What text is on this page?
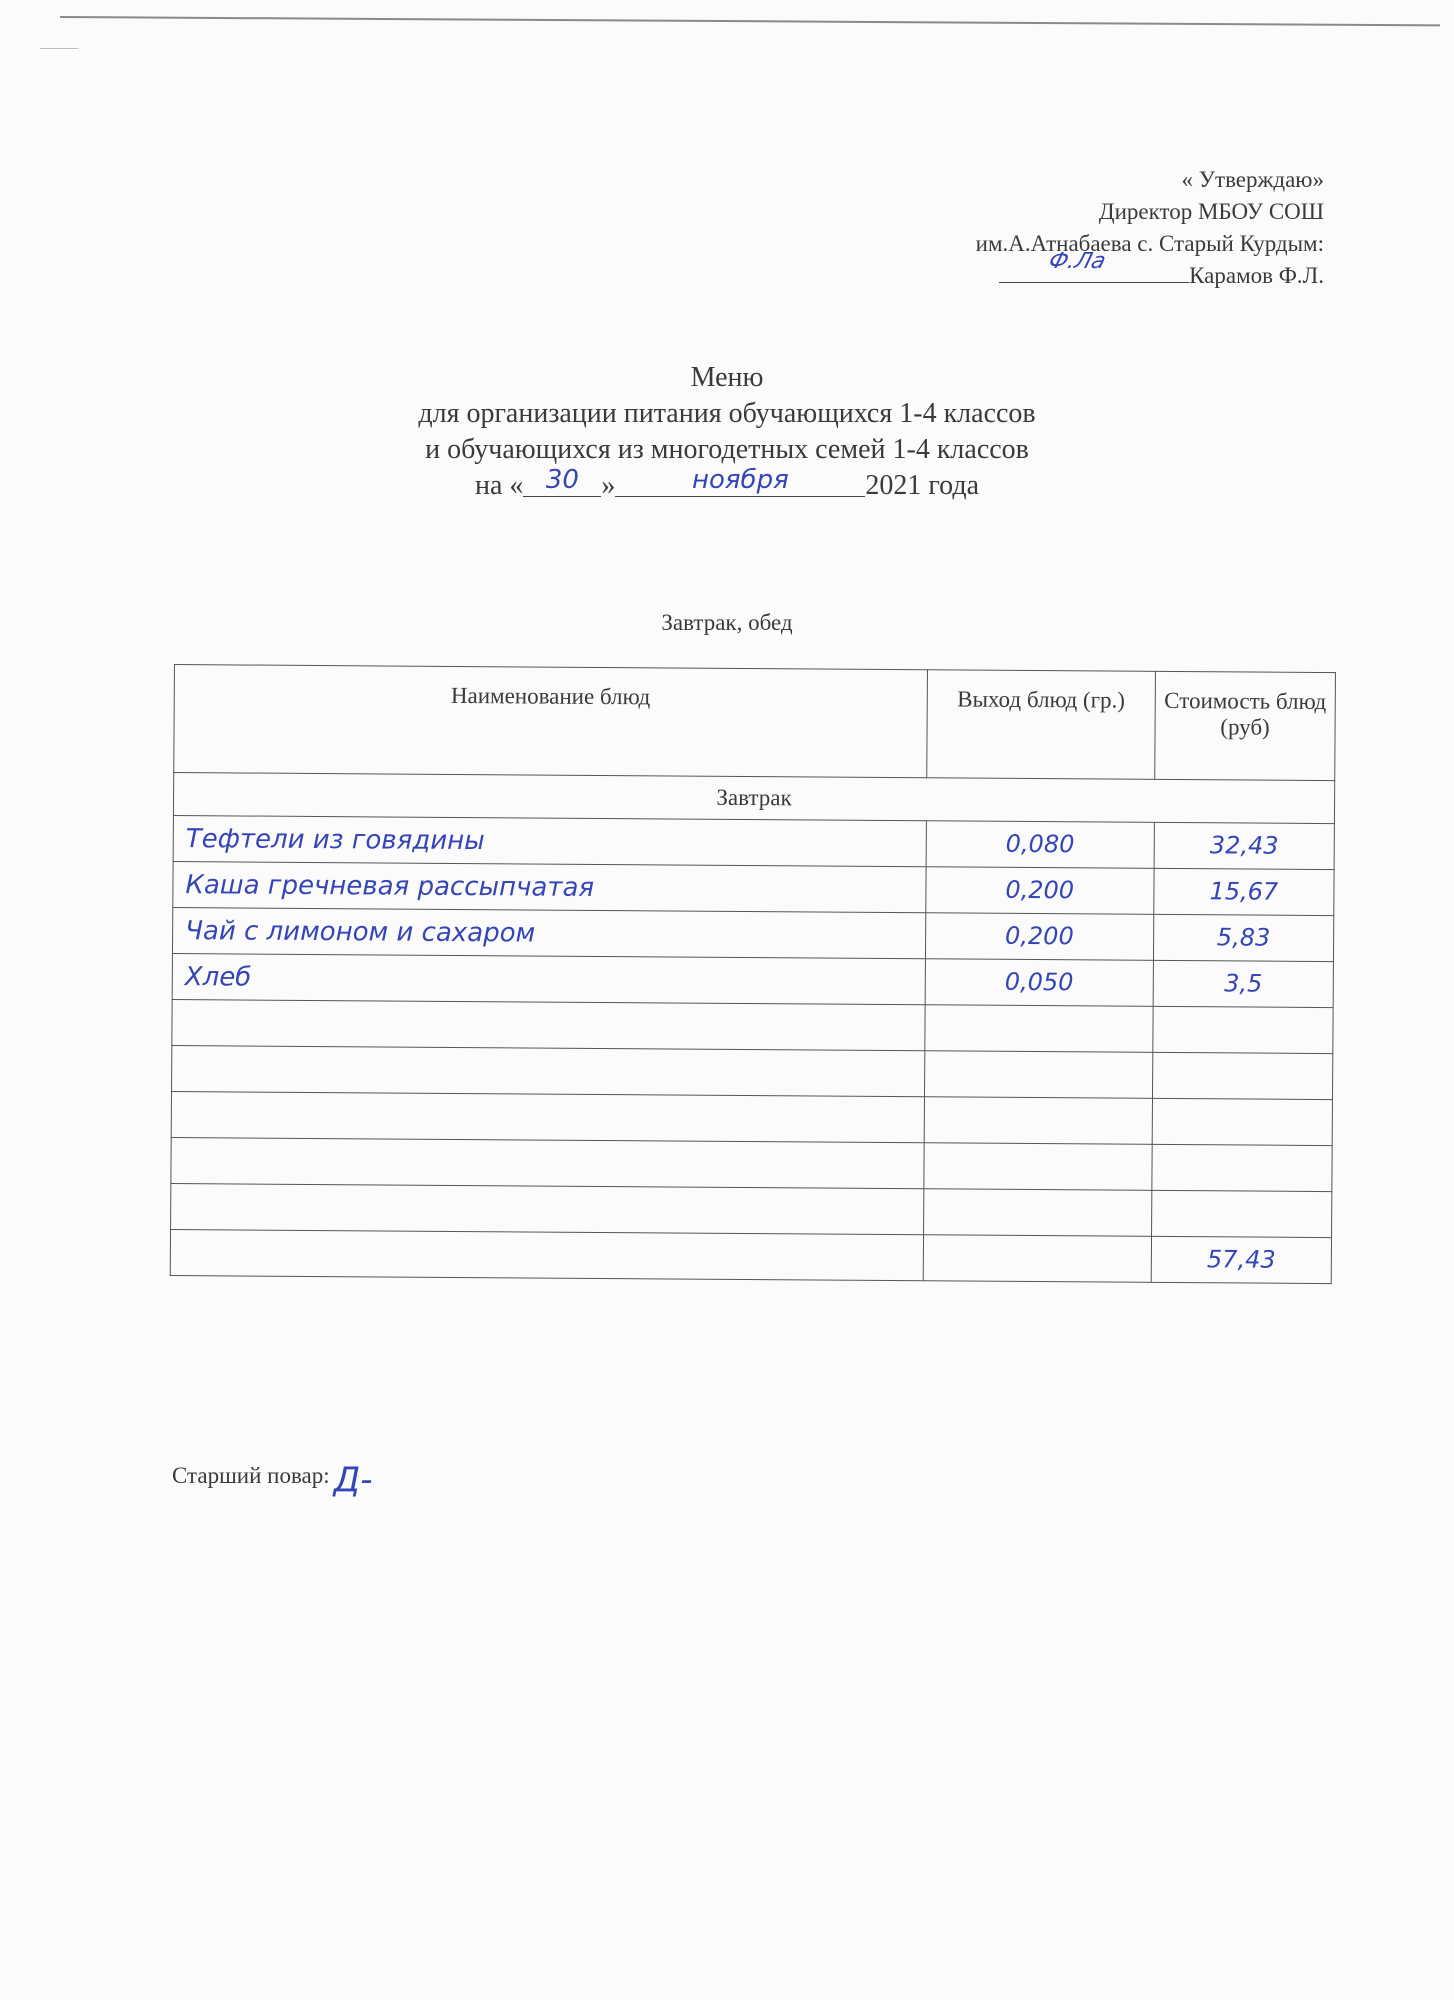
« Утверждаю»
Директор МБОУ СОШ
им.А.Атнабаева с. Старый Курдым:
Ф.Ла
Карамов Ф.Л.
Меню
для организации питания обучающихся 1-4 классов
и обучающихся из многодетных семей 1-4 классов
на « 30 »	ноября	2021 года
Завтрак, обед
Наименование блюд	Выход блюд (гр.)	Стоимость блюд (руб)
Завтрак		
Тефтели из говядины	0,080	32,43
Каша гречневая рассыпчатая	0,200	15,67
Чай с лимоном и сахаром	0,200	5,83
Хлеб	0,050	3,5

		57,43
Старший повар: Д-
